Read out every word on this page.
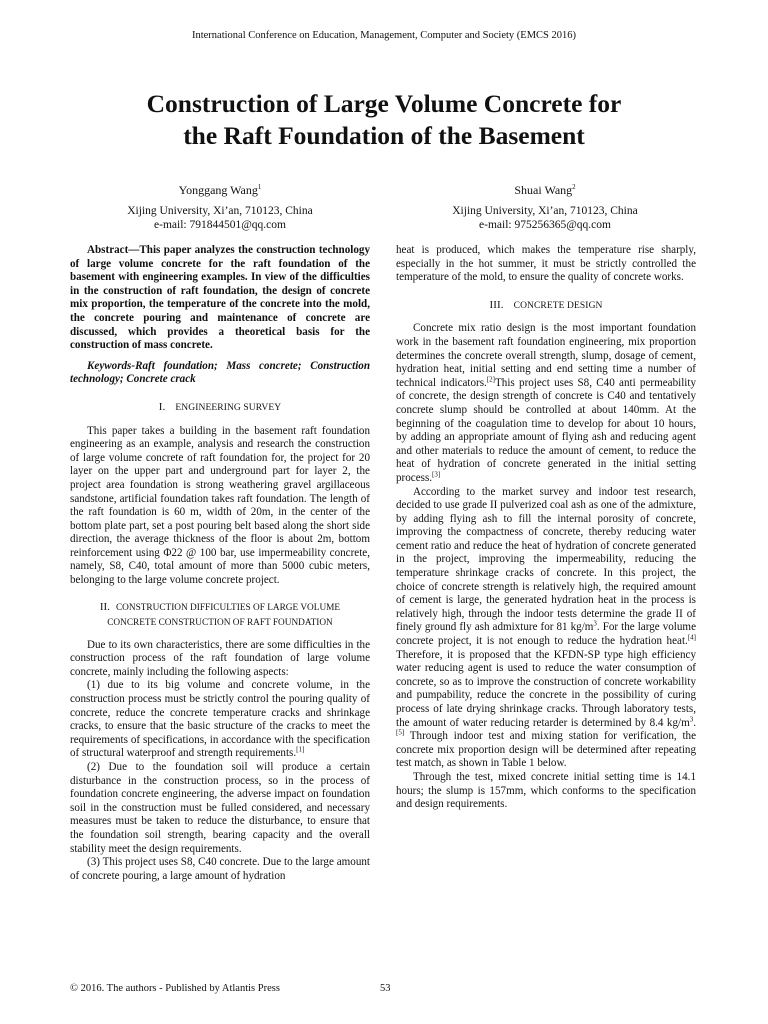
International Conference on Education, Management, Computer and Society (EMCS 2016)
Construction of Large Volume Concrete for
the Raft Foundation of the Basement
Yonggang Wang$^1$
Xijing University, Xi’an, 710123, China
e-mail: 791844501@qq.com
Shuai Wang$^2$
Xijing University, Xi’an, 710123, China
e-mail: 975256365@qq.com

Abstract—This paper analyzes the construction technology of large volume concrete for the raft foundation of the basement with engineering examples. In view of the difficulties in the construction of raft foundation, the design of concrete mix proportion, the temperature of the concrete into the mold, the concrete pouring and maintenance of concrete are discussed, which provides a theoretical basis for the construction of mass concrete.

Keywords-Raft foundation; Mass concrete; Construction technology; Concrete crack

I. ENGINEERING SURVEY

This paper takes a building in the basement raft foundation engineering as an example, analysis and research the construction of large volume concrete of raft foundation for, the project for 20 layer on the upper part and underground part for layer 2, the project area foundation is strong weathering gravel argillaceous sandstone, artificial foundation takes raft foundation. The length of the raft foundation is 60 m, width of 20m, in the center of the bottom plate part, set a post pouring belt based along the short side direction, the average thickness of the floor is about 2m, bottom reinforcement using Φ22 @ 100 bar, use impermeability concrete, namely, S8, C40, total amount of more than 5000 cubic meters, belonging to the large volume concrete project.

II. CONSTRUCTION DIFFICULTIES OF LARGE VOLUME
CONCRETE CONSTRUCTION OF RAFT FOUNDATION

Due to its own characteristics, there are some difficulties in the construction process of the raft foundation of large volume concrete, mainly including the following aspects:

(1) due to its big volume and concrete volume, in the construction process must be strictly control the pouring quality of concrete, reduce the concrete temperature cracks and shrinkage cracks, to ensure that the basic structure of the cracks to meet the requirements of specifications, in accordance with the specification of structural waterproof and strength requirements.[1]

(2) Due to the foundation soil will produce a certain disturbance in the construction process, so in the process of foundation concrete engineering, the adverse impact on foundation soil in the construction must be fulled considered, and necessary measures must be taken to reduce the disturbance, to ensure that the foundation soil strength, bearing capacity and the overall stability meet the design requirements.

(3) This project uses S8, C40 concrete. Due to the large amount of concrete pouring, a large amount of hydration

heat is produced, which makes the temperature rise sharply, especially in the hot summer, it must be strictly controlled the temperature of the mold, to ensure the quality of concrete works.

III. CONCRETE DESIGN

Concrete mix ratio design is the most important foundation work in the basement raft foundation engineering, mix proportion determines the concrete overall strength, slump, dosage of cement, hydration heat, initial setting and end setting time a number of technical indicators.[2]This project uses S8, C40 anti permeability of concrete, the design strength of concrete is C40 and tentatively concrete slump should be controlled at about 140mm. At the beginning of the coagulation time to develop for about 10 hours, by adding an appropriate amount of flying ash and reducing agent and other materials to reduce the amount of cement, to reduce the heat of hydration of concrete generated in the initial setting process.[3]

According to the market survey and indoor test research, decided to use grade II pulverized coal ash as one of the admixture, by adding flying ash to fill the internal porosity of concrete, improving the compactness of concrete, thereby reducing water cement ratio and reduce the heat of hydration of concrete generated in the project, improving the impermeability, reducing the temperature shrinkage cracks of concrete. In this project, the choice of concrete strength is relatively high, the required amount of cement is large, the generated hydration heat in the process is relatively high, through the indoor tests determine the grade II of finely ground fly ash admixture for 81 kg/m$^3$. For the large volume concrete project, it is not enough to reduce the hydration heat.[4] Therefore, it is proposed that the KFDN-SP type high efficiency water reducing agent is used to reduce the water consumption of concrete, so as to improve the construction of concrete workability and pumpability, reduce the concrete in the possibility of curing process of late drying shrinkage cracks. Through laboratory tests, the amount of water reducing retarder is determined by 8.4 kg/m$^3$.[5] Through indoor test and mixing station for verification, the concrete mix proportion design will be determined after repeating test match, as shown in Table 1 below.

Through the test, mixed concrete initial setting time is 14.1 hours; the slump is 157mm, which conforms to the specification and design requirements.

© 2016. The authors - Published by Atlantis Press	53
